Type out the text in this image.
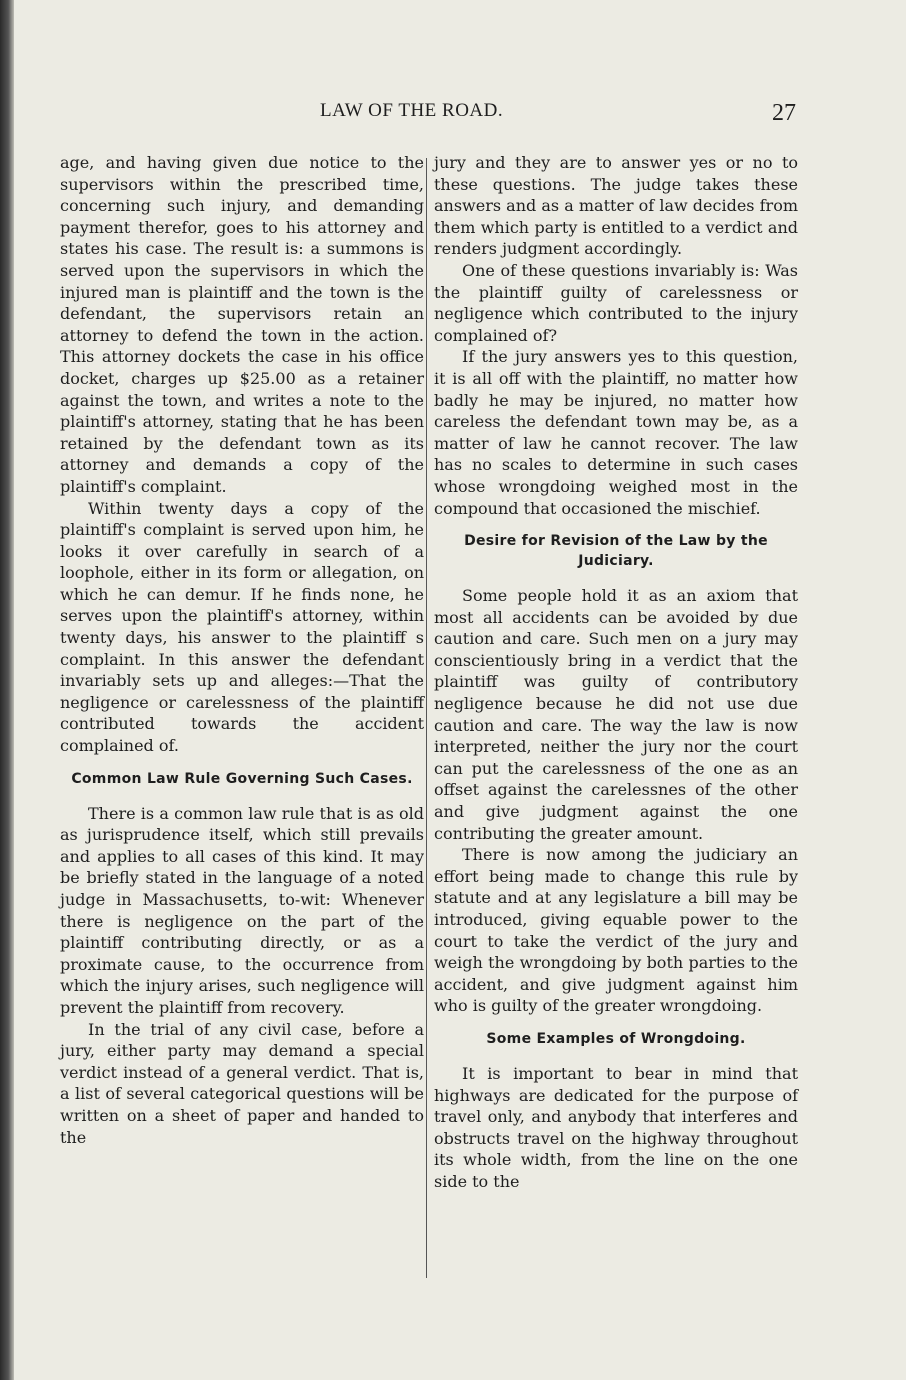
LAW OF THE ROAD.	27

age, and having given due notice to the supervisors within the prescribed time, concerning such injury, and demanding payment therefor, goes to his attorney and states his case. The result is: a summons is served upon the supervisors in which the injured man is plaintiff and the town is the defendant, the supervisors retain an attorney to defend the town in the action. This attorney dockets the case in his office docket, charges up $25.00 as a retainer against the town, and writes a note to the plaintiff's attorney, stating that he has been retained by the defendant town as its attorney and demands a copy of the plaintiff's complaint.

Within twenty days a copy of the plaintiff's complaint is served upon him, he looks it over carefully in search of a loophole, either in its form or allegation, on which he can demur. If he finds none, he serves upon the plaintiff's attorney, within twenty days, his answer to the plaintiff s complaint. In this answer the defendant invariably sets up and alleges:—That the negligence or carelessness of the plaintiff contributed towards the accident complained of.

Common Law Rule Governing Such Cases.

There is a common law rule that is as old as jurisprudence itself, which still prevails and applies to all cases of this kind. It may be briefly stated in the language of a noted judge in Massachusetts, to-wit: Whenever there is negligence on the part of the plaintiff contributing directly, or as a proximate cause, to the occurrence from which the injury arises, such negligence will prevent the plaintiff from recovery.

In the trial of any civil case, before a jury, either party may demand a special verdict instead of a general verdict. That is, a list of several categorical questions will be written on a sheet of paper and handed to the

jury and they are to answer yes or no to these questions. The judge takes these answers and as a matter of law decides from them which party is entitled to a verdict and renders judgment accordingly.

One of these questions invariably is: Was the plaintiff guilty of carelessness or negligence which contributed to the injury complained of?

If the jury answers yes to this question, it is all off with the plaintiff, no matter how badly he may be injured, no matter how careless the defendant town may be, as a matter of law he cannot recover. The law has no scales to determine in such cases whose wrongdoing weighed most in the compound that occasioned the mischief.

Desire for Revision of the Law by the Judiciary.

Some people hold it as an axiom that most all accidents can be avoided by due caution and care. Such men on a jury may conscientiously bring in a verdict that the plaintiff was guilty of contributory negligence because he did not use due caution and care. The way the law is now interpreted, neither the jury nor the court can put the carelessness of the one as an offset against the carelessnes of the other and give judgment against the one contributing the greater amount.

There is now among the judiciary an effort being made to change this rule by statute and at any legislature a bill may be introduced, giving equable power to the court to take the verdict of the jury and weigh the wrongdoing by both parties to the accident, and give judgment against him who is guilty of the greater wrongdoing.

Some Examples of Wrongdoing.

It is important to bear in mind that highways are dedicated for the purpose of travel only, and anybody that interferes and obstructs travel on the highway throughout its whole width, from the line on the one side to the
